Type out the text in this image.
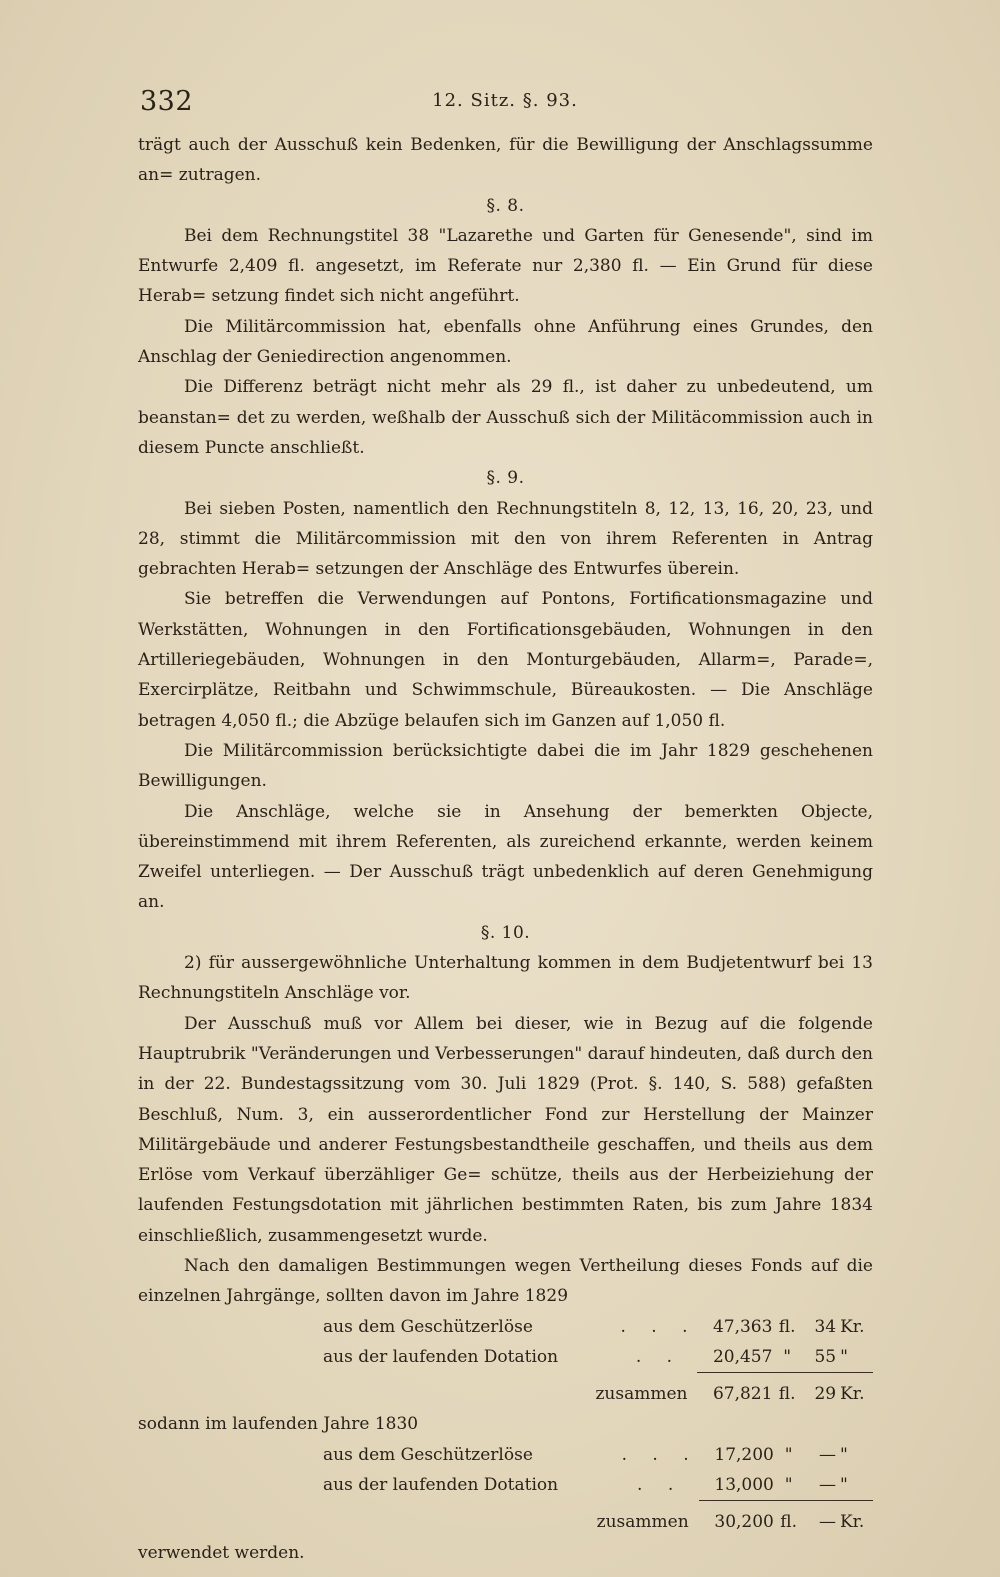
332	12. Sitz. §. 93.

trägt auch der Ausschuß kein Bedenken, für die Bewilligung der Anschlagssumme an= zutragen.

§. 8.

Bei dem Rechnungstitel 38 "Lazarethe und Garten für Genesende", sind im Entwurfe 2,409 fl. angesetzt, im Referate nur 2,380 fl. — Ein Grund für diese Herab= setzung findet sich nicht angeführt.

Die Militärcommission hat, ebenfalls ohne Anführung eines Grundes, den Anschlag der Geniedirection angenommen.

Die Differenz beträgt nicht mehr als 29 fl., ist daher zu unbedeutend, um beanstan= det zu werden, weßhalb der Ausschuß sich der Militäcommission auch in diesem Puncte anschließt.

§. 9.

Bei sieben Posten, namentlich den Rechnungstiteln 8, 12, 13, 16, 20, 23, und 28, stimmt die Militärcommission mit den von ihrem Referenten in Antrag gebrachten Herab= setzungen der Anschläge des Entwurfes überein.

Sie betreffen die Verwendungen auf Pontons, Fortificationsmagazine und Werkstätten, Wohnungen in den Fortificationsgebäuden, Wohnungen in den Artilleriegebäuden, Wohnungen in den Monturgebäuden, Allarm=, Parade=, Exercirplätze, Reitbahn und Schwimmschule, Büreaukosten. — Die Anschläge betragen 4,050 fl.; die Abzüge belaufen sich im Ganzen auf 1,050 fl.

Die Militärcommission berücksichtigte dabei die im Jahr 1829 geschehenen Bewilligungen.

Die Anschläge, welche sie in Ansehung der bemerkten Objecte, übereinstimmend mit ihrem Referenten, als zureichend erkannte, werden keinem Zweifel unterliegen. — Der Ausschuß trägt unbedenklich auf deren Genehmigung an.

§. 10.

2) für aussergewöhnliche Unterhaltung kommen in dem Budjetentwurf bei 13 Rechnungstiteln Anschläge vor.

Der Ausschuß muß vor Allem bei dieser, wie in Bezug auf die folgende Hauptrubrik "Veränderungen und Verbesserungen" darauf hindeuten, daß durch den in der 22. Bundestagssitzung vom 30. Juli 1829 (Prot. §. 140, S. 588) gefaßten Beschluß, Num. 3, ein ausserordentlicher Fond zur Herstellung der Mainzer Militärgebäude und anderer Festungsbestandtheile geschaffen, und theils aus dem Erlöse vom Verkauf überzähliger Ge= schütze, theils aus der Herbeiziehung der laufenden Festungsdotation mit jährlichen bestimmten Raten, bis zum Jahre 1834 einschließlich, zusammengesetzt wurde.

Nach den damaligen Bestimmungen wegen Vertheilung dieses Fonds auf die einzelnen Jahrgänge, sollten davon im Jahre 1829

aus dem Geschützerlöse	. . .	47,363	fl.	34	Kr.
aus der laufenden Dotation	. .	20,457	"	55	"
zusammen		67,821	fl.	29	Kr.

sodann im laufenden Jahre 1830

aus dem Geschützerlöse	. . .	17,200	"	—	"
aus der laufenden Dotation	. .	13,000	"	—	"
zusammen		30,200	fl.	—	Kr.

verwendet werden.
